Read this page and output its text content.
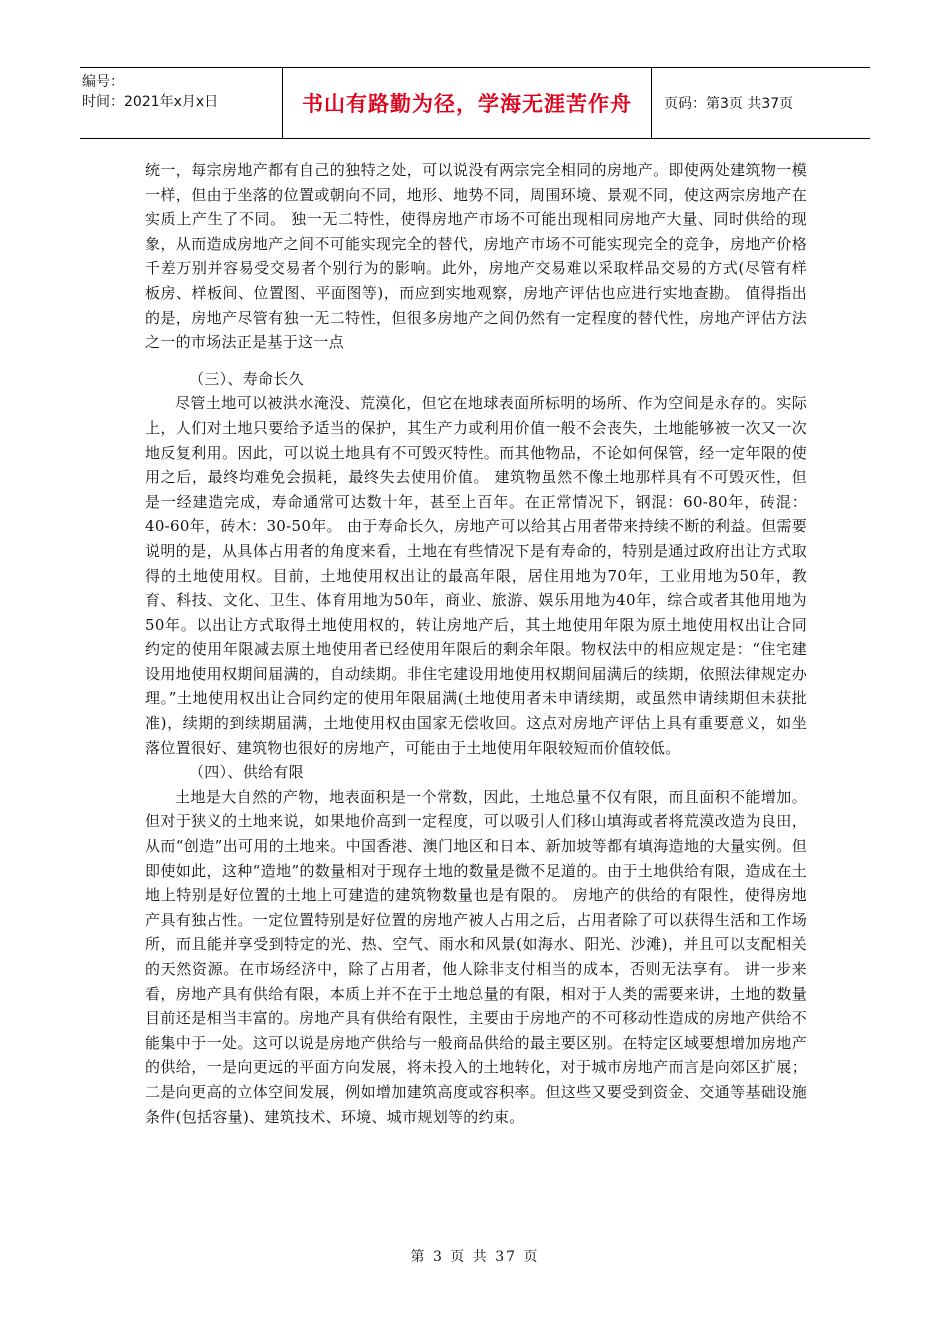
编号：
时间：2021年x月x日	书山有路勤为径，学海无涯苦作舟	页码：第3页 共37页

统一，每宗房地产都有自己的独特之处，可以说没有两宗完全相同的房地产。即使两处建筑物一模一样，但由于坐落的位置或朝向不同，地形、地势不同，周围环境、景观不同，使这两宗房地产在实质上产生了不同。 独一无二特性，使得房地产市场不可能出现相同房地产大量、同时供给的现象，从而造成房地产之间不可能实现完全的替代，房地产市场不可能实现完全的竞争，房地产价格千差万别并容易受交易者个别行为的影响。此外，房地产交易难以采取样品交易的方式(尽管有样板房、样板间、位置图、平面图等)，而应到实地观察，房地产评估也应进行实地查勘。 值得指出的是，房地产尽管有独一无二特性，但很多房地产之间仍然有一定程度的替代性，房地产评估方法之一的市场法正是基于这一点

（三）、寿命长久

尽管土地可以被洪水淹没、荒漠化，但它在地球表面所标明的场所、作为空间是永存的。实际上，人们对土地只要给予适当的保护，其生产力或利用价值一般不会丧失，土地能够被一次又一次地反复利用。因此，可以说土地具有不可毁灭特性。而其他物品，不论如何保管，经一定年限的使用之后，最终均难免会损耗，最终失去使用价值。 建筑物虽然不像土地那样具有不可毁灭性，但是一经建造完成，寿命通常可达数十年，甚至上百年。在正常情况下，钢混：60-80年，砖混：40-60年，砖木：30-50年。 由于寿命长久，房地产可以给其占用者带来持续不断的利益。但需要说明的是，从具体占用者的角度来看，土地在有些情况下是有寿命的，特别是通过政府出让方式取得的土地使用权。目前，土地使用权出让的最高年限，居住用地为70年，工业用地为50年，教育、科技、文化、卫生、体育用地为50年，商业、旅游、娱乐用地为40年，综合或者其他用地为50年。以出让方式取得土地使用权的，转让房地产后，其土地使用年限为原土地使用权出让合同约定的使用年限减去原土地使用者已经使用年限后的剩余年限。物权法中的相应规定是：“住宅建设用地使用权期间届满的，自动续期。非住宅建设用地使用权期间届满后的续期，依照法律规定办理。”土地使用权出让合同约定的使用年限届满(土地使用者未申请续期，或虽然申请续期但未获批准)，续期的到续期届满，土地使用权由国家无偿收回。这点对房地产评估上具有重要意义，如坐落位置很好、建筑物也很好的房地产，可能由于土地使用年限较短而价值较低。

（四）、供给有限

土地是大自然的产物，地表面积是一个常数，因此，土地总量不仅有限，而且面积不能增加。但对于狭义的土地来说，如果地价高到一定程度，可以吸引人们移山填海或者将荒漠改造为良田，从而“创造”出可用的土地来。中国香港、澳门地区和日本、新加坡等都有填海造地的大量实例。但即使如此，这种“造地”的数量相对于现存土地的数量是微不足道的。由于土地供给有限，造成在土地上特别是好位置的土地上可建造的建筑物数量也是有限的。 房地产的供给的有限性，使得房地产具有独占性。一定位置特别是好位置的房地产被人占用之后，占用者除了可以获得生活和工作场所，而且能并享受到特定的光、热、空气、雨水和风景(如海水、阳光、沙滩)，并且可以支配相关的天然资源。在市场经济中，除了占用者，他人除非支付相当的成本，否则无法享有。 讲一步来看，房地产具有供给有限，本质上并不在于土地总量的有限，相对于人类的需要来讲，土地的数量目前还是相当丰富的。房地产具有供给有限性，主要由于房地产的不可移动性造成的房地产供给不能集中于一处。这可以说是房地产供给与一般商品供给的最主要区别。在特定区域要想增加房地产的供给，一是向更远的平面方向发展，将未投入的土地转化，对于城市房地产而言是向郊区扩展；二是向更高的立体空间发展，例如增加建筑高度或容积率。但这些又要受到资金、交通等基础设施条件(包括容量)、建筑技术、环境、城市规划等的约束。

第 3 页 共 37 页
